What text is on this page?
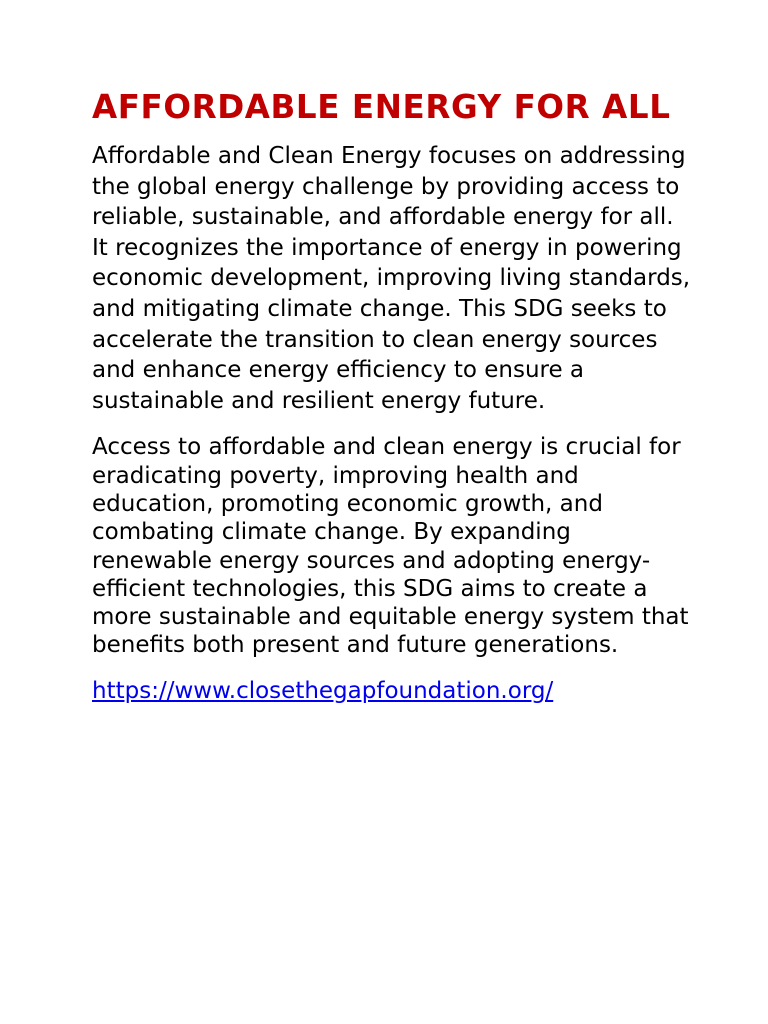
AFFORDABLE ENERGY FOR ALL

Affordable and Clean Energy focuses on addressing the global energy challenge by providing access to reliable, sustainable, and affordable energy for all. It recognizes the importance of energy in powering economic development, improving living standards, and mitigating climate change. This SDG seeks to accelerate the transition to clean energy sources and enhance energy efficiency to ensure a sustainable and resilient energy future.

Access to affordable and clean energy is crucial for eradicating poverty, improving health and education, promoting economic growth, and combating climate change. By expanding renewable energy sources and adopting energy-efficient technologies, this SDG aims to create a more sustainable and equitable energy system that benefits both present and future generations.

https://www.closethegapfoundation.org/
